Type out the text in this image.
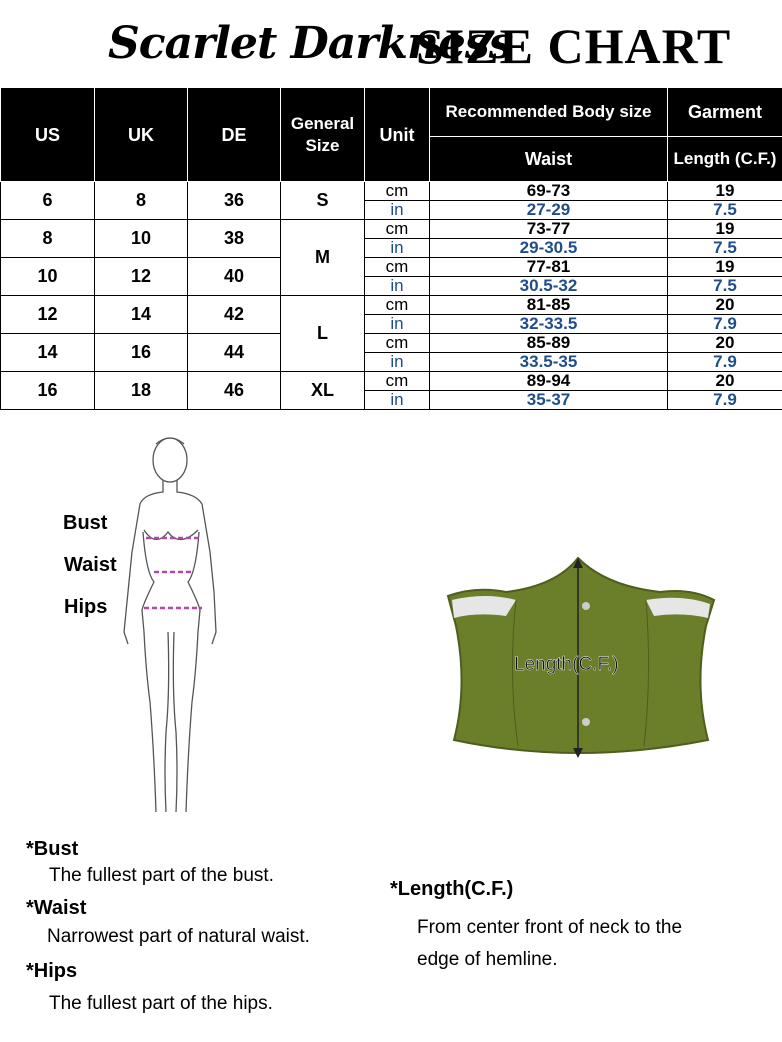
Scarlet Darkness
SIZE CHART
US	UK	DE	General Size	Unit	Recommended Body size	Garment
					Waist	Length (C.F.)
6	8	36	S	cm	69-73	19
				in	27-29	7.5
8	10	38	M	cm	73-77	19
				in	29-30.5	7.5
10	12	40		cm	77-81	19
				in	30.5-32	7.5
12	14	42	L	cm	81-85	20
				in	32-33.5	7.9
14	16	44		cm	85-89	20
				in	33.5-35	7.9
16	18	46	XL	cm	89-94	20
				in	35-37	7.9
Bust
Waist
Hips
Length(C.F.)
*Bust
The fullest part of the bust.
*Waist
Narrowest part of natural waist.
*Hips
The fullest part of the hips.
*Length(C.F.)
From center front of neck to the
edge of hemline.
